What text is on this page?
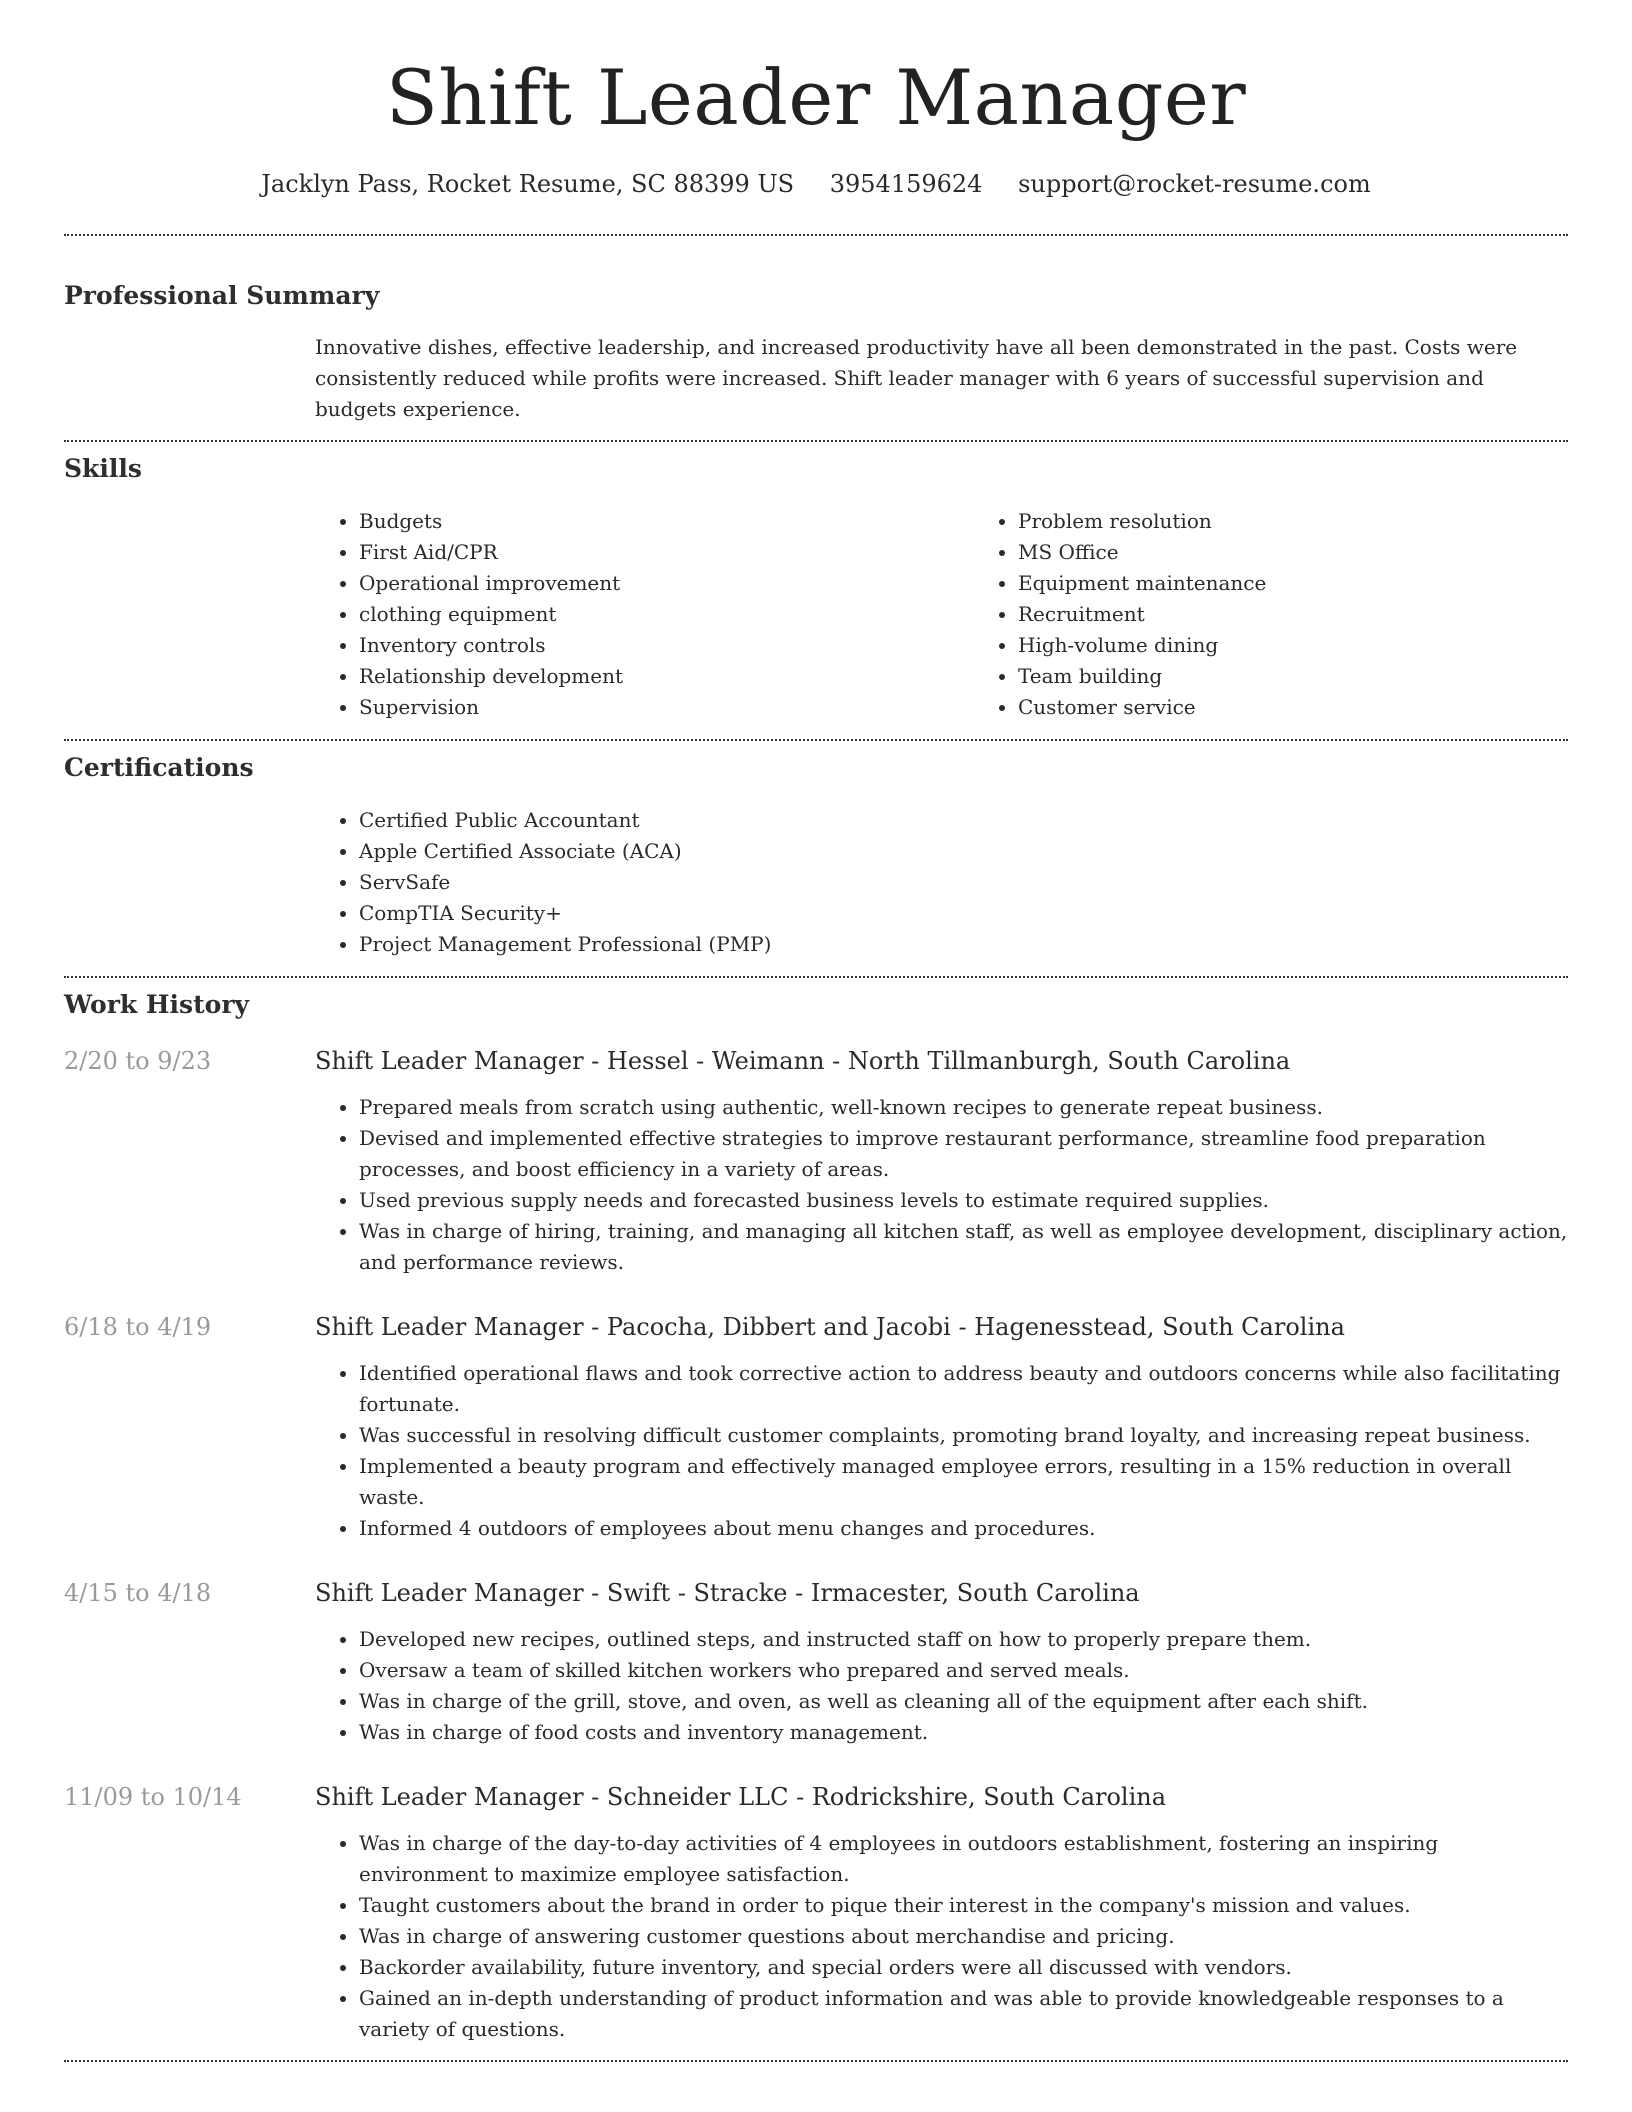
Shift Leader Manager
Jacklyn Pass, Rocket Resume, SC 88399 US 3954159624 support@rocket-resume.com
Professional Summary

Innovative dishes, effective leadership, and increased productivity have all been demonstrated in the past. Costs were consistently reduced while profits were increased. Shift leader manager with 6 years of successful supervision and budgets experience.

Skills
• Budgets
• First Aid/CPR
• Operational improvement
• clothing equipment
• Inventory controls
• Relationship development
• Supervision
• Problem resolution
• MS Office
• Equipment maintenance
• Recruitment
• High-volume dining
• Team building
• Customer service
Certifications
• Certified Public Accountant
• Apple Certified Associate (ACA)
• ServSafe
• CompTIA Security+
• Project Management Professional (PMP)
Work History
2/20 to 9/23	Shift Leader Manager - Hessel - Weimann - North Tillmanburgh, South Carolina
• Prepared meals from scratch using authentic, well-known recipes to generate repeat business.
• Devised and implemented effective strategies to improve restaurant performance, streamline food preparation processes, and boost efficiency in a variety of areas.
• Used previous supply needs and forecasted business levels to estimate required supplies.
• Was in charge of hiring, training, and managing all kitchen staff, as well as employee development, disciplinary action, and performance reviews.
6/18 to 4/19	Shift Leader Manager - Pacocha, Dibbert and Jacobi - Hagenesstead, South Carolina
• Identified operational flaws and took corrective action to address beauty and outdoors concerns while also facilitating fortunate.
• Was successful in resolving difficult customer complaints, promoting brand loyalty, and increasing repeat business.
• Implemented a beauty program and effectively managed employee errors, resulting in a 15% reduction in overall waste.
• Informed 4 outdoors of employees about menu changes and procedures.
4/15 to 4/18	Shift Leader Manager - Swift - Stracke - Irmacester, South Carolina
• Developed new recipes, outlined steps, and instructed staff on how to properly prepare them.
• Oversaw a team of skilled kitchen workers who prepared and served meals.
• Was in charge of the grill, stove, and oven, as well as cleaning all of the equipment after each shift.
• Was in charge of food costs and inventory management.
11/09 to 10/14	Shift Leader Manager - Schneider LLC - Rodrickshire, South Carolina
• Was in charge of the day-to-day activities of 4 employees in outdoors establishment, fostering an inspiring environment to maximize employee satisfaction.
• Taught customers about the brand in order to pique their interest in the company's mission and values.
• Was in charge of answering customer questions about merchandise and pricing.
• Backorder availability, future inventory, and special orders were all discussed with vendors.
• Gained an in-depth understanding of product information and was able to provide knowledgeable responses to a variety of questions.
